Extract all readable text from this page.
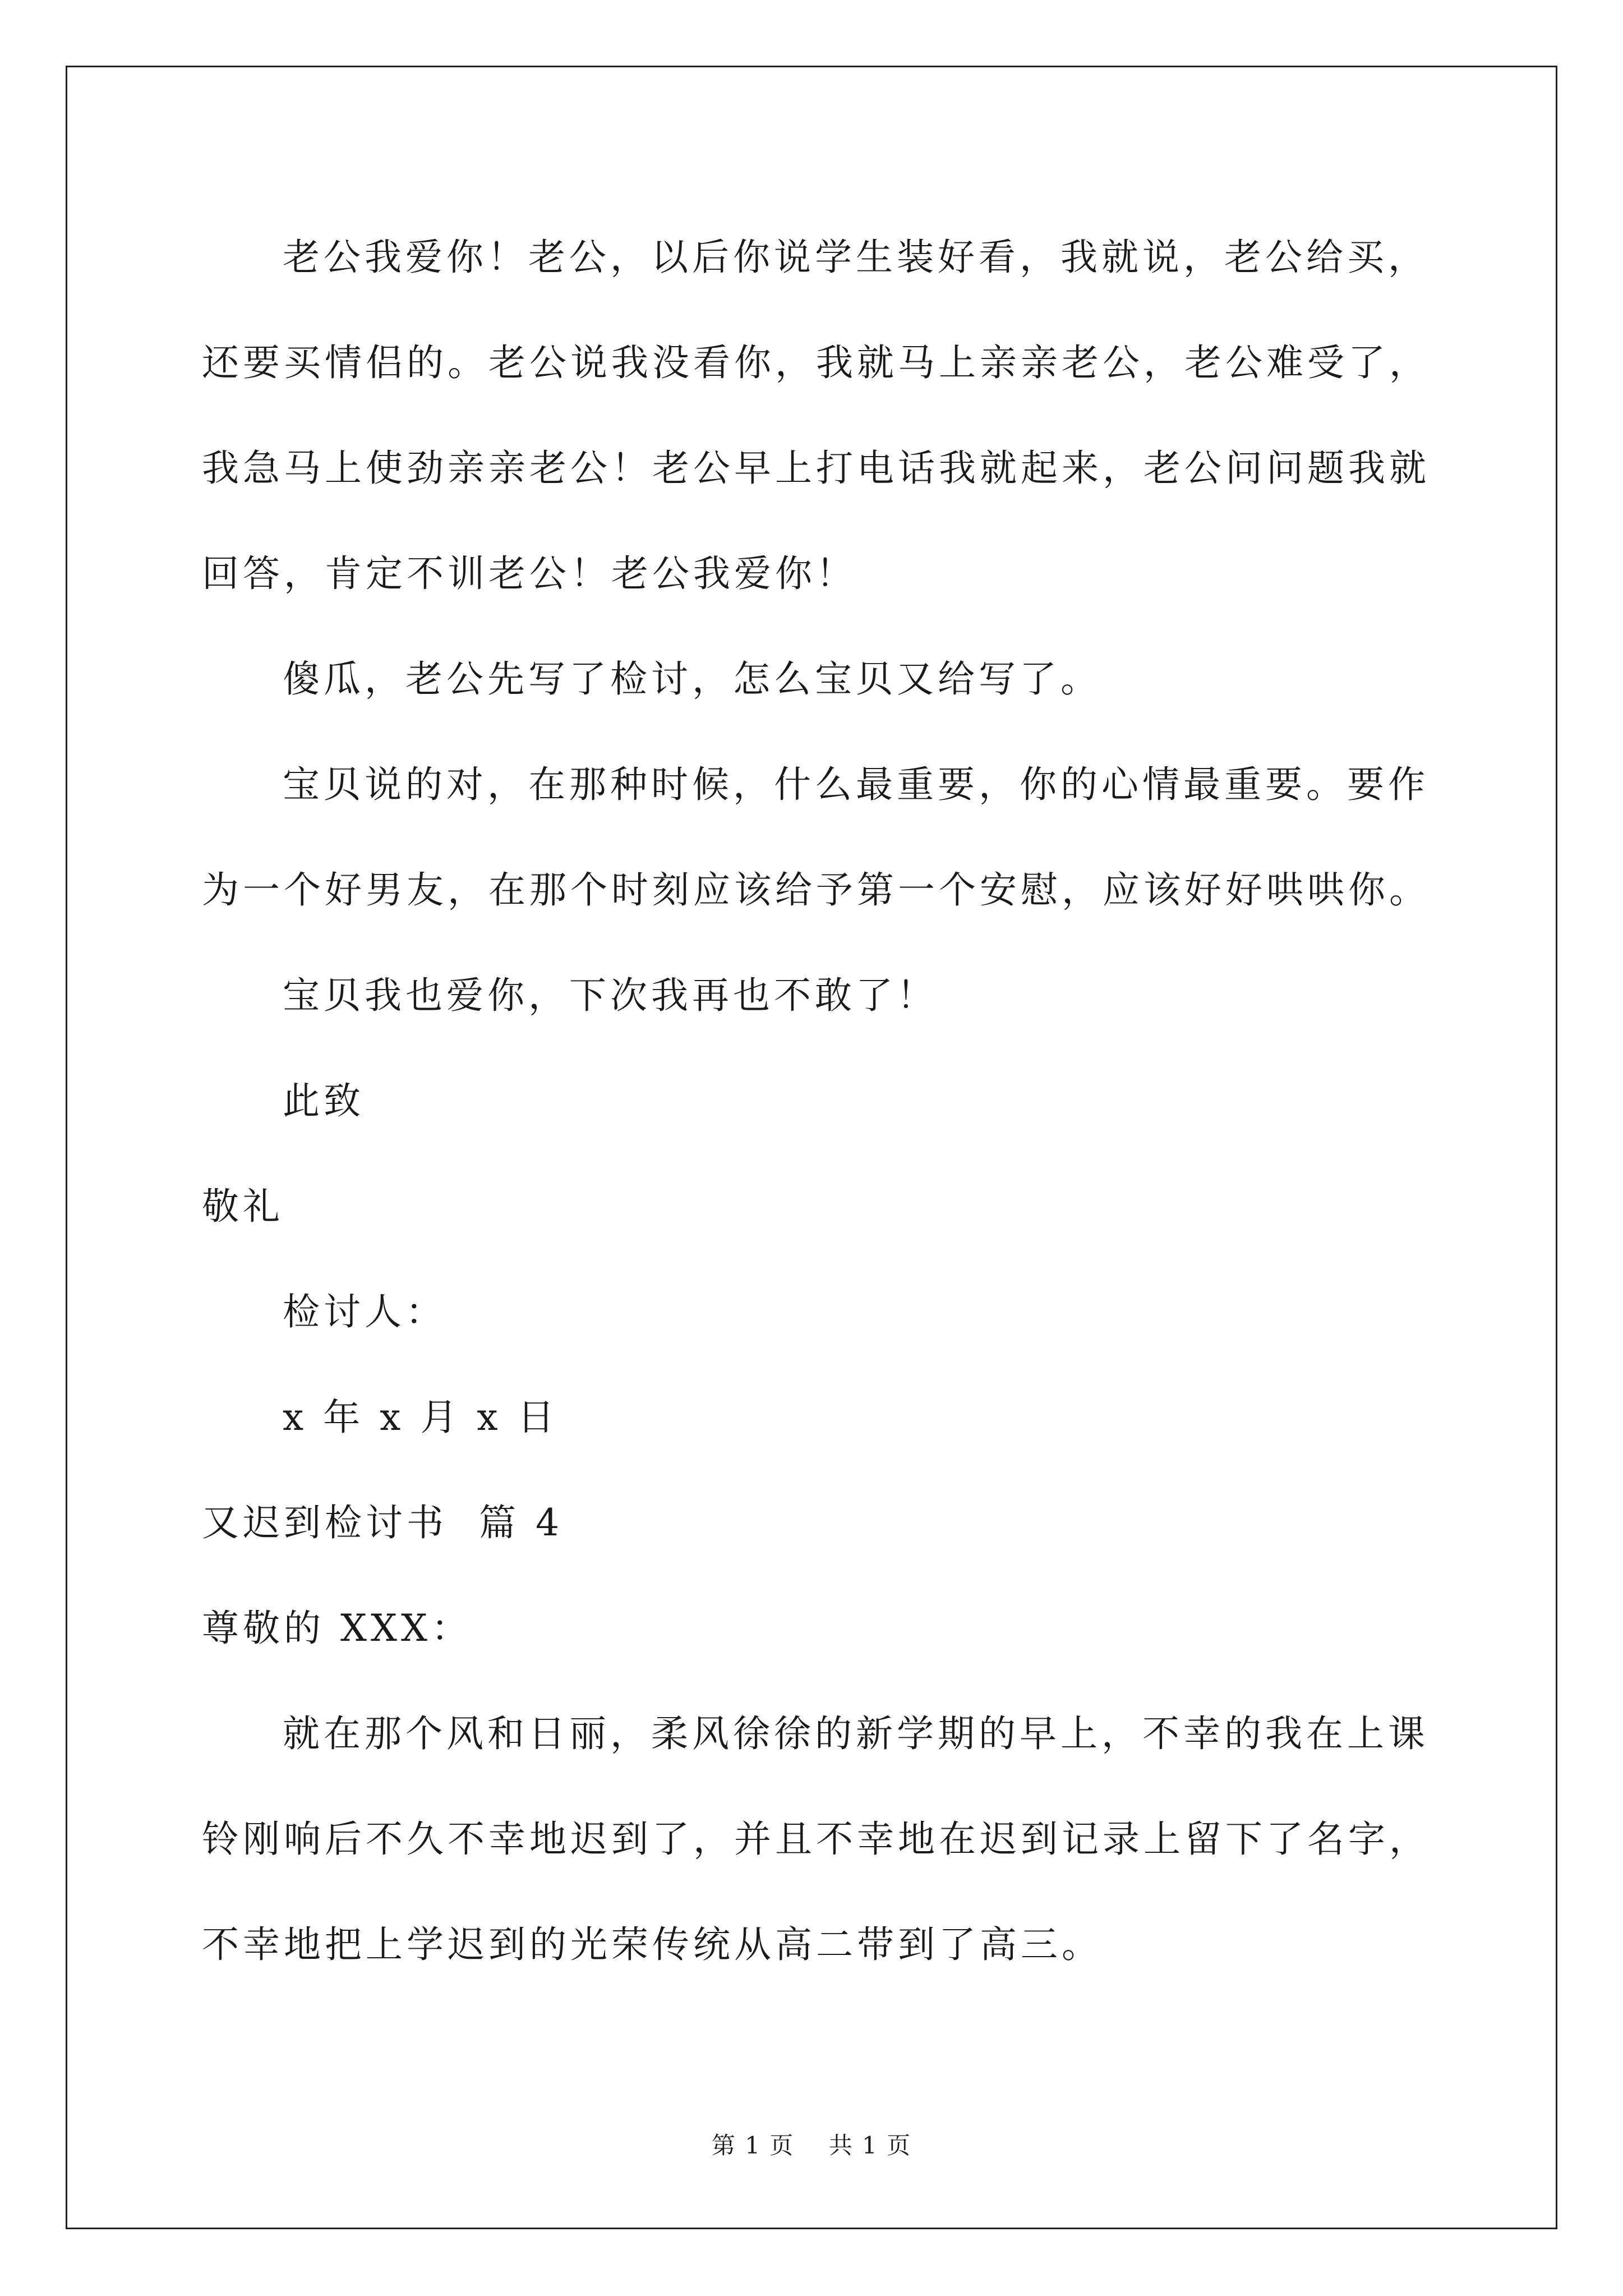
老公我爱你！老公，以后你说学生装好看，我就说，老公给买，还要买情侣的。老公说我没看你，我就马上亲亲老公，老公难受了，我急马上使劲亲亲老公！老公早上打电话我就起来，老公问问题我就回答，肯定不训老公！老公我爱你！

傻瓜，老公先写了检讨，怎么宝贝又给写了。

宝贝说的对，在那种时候，什么最重要，你的心情最重要。要作为一个好男友，在那个时刻应该给予第一个安慰，应该好好哄哄你。

宝贝我也爱你，下次我再也不敢了！

此致

敬礼

检讨人：

x 年 x 月 x 日

又迟到检讨书  篇 4

尊敬的 XXX：

就在那个风和日丽，柔风徐徐的新学期的早上，不幸的我在上课铃刚响后不久不幸地迟到了，并且不幸地在迟到记录上留下了名字，不幸地把上学迟到的光荣传统从高二带到了高三。

第 1 页    共 1 页
